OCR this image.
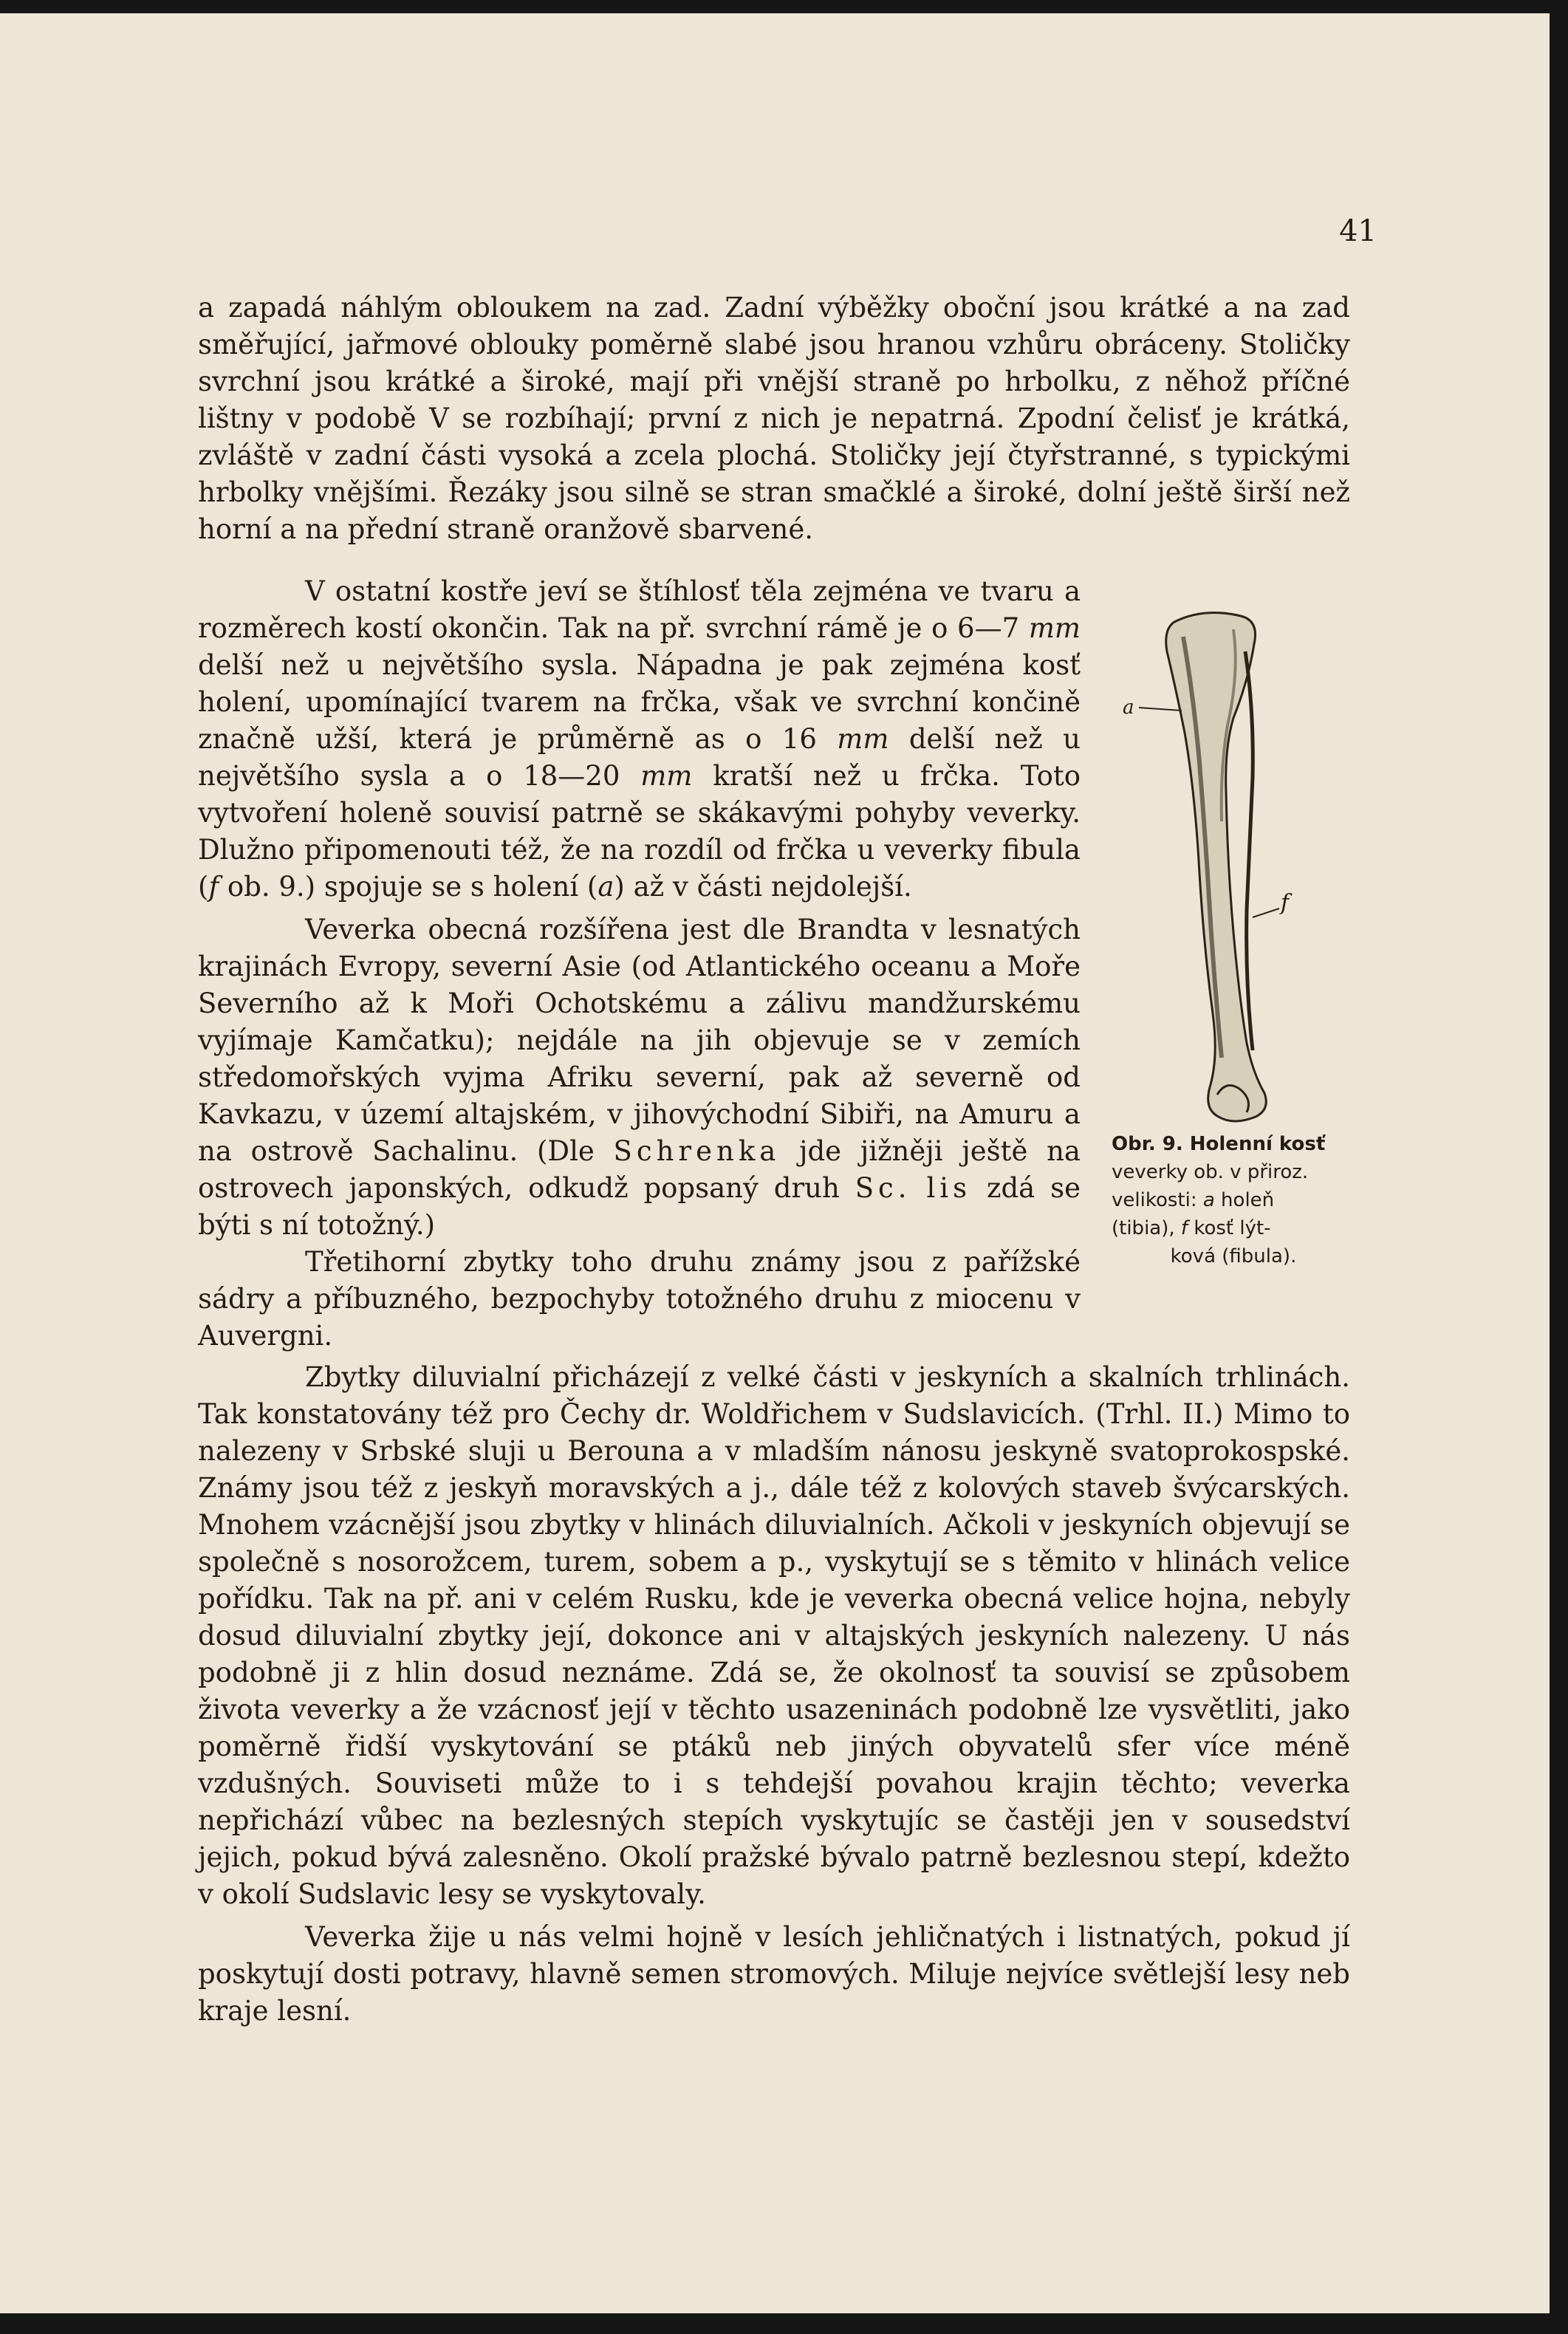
41

a zapadá náhlým obloukem na zad. Zadní výběžky oboční jsou krátké a na zad

směřující, jařmové oblouky poměrně slabé jsou hranou vzhůru obráceny. Stoličky

svrchní jsou krátké a široké, mají při vnější straně po hrbolku, z něhož příčné

lištny v podobě V se rozbíhají; první z nich je nepatrná. Zpodní čelisť je krátká,

zvláště v zadní části vysoká a zcela plochá. Stoličky její čtyřstranné, s typickými

hrbolky vnějšími. Řezáky jsou silně se stran smačklé a široké, dolní ještě širší než

horní a na přední straně oranžově sbarvené.

V ostatní kostře jeví se štíhlosť těla zejména ve tvaru a rozměrech kostí okončin. Tak na př. svrchní rámě je o 6—7 mm delší než u největšího sysla. Nápadna je pak zejména kosť holení, upomínající tvarem na frčka, však ve svrchní končině značně užší, která je průměrně as o 16 mm delší než u největšího sysla a o 18—20 mm kratší než u frčka. Toto vytvoření holeně souvisí patrně se skákavými pohyby veverky. Dlužno připomenouti též, že na rozdíl od frčka u veverky fibula (f ob. 9.) spojuje se s holení (a) až v části nejdolejší.

Veverka obecná rozšířena jest dle Brandta v lesnatých krajinách Evropy, severní Asie (od Atlantického oceanu a Moře Severního až k Moři Ochotskému a zálivu mandžurskému vyjímaje Kamčatku); nejdále na jih objevuje se v zemích středomořských vyjma Afriku severní, pak až severně od Kavkazu, v území altajském, v jihovýchodní Sibiři, na Amuru a na ostrově Sachalinu. (Dle Schrenka jde jižněji ještě na ostrovech japonských, odkudž popsaný druh Sc. lis zdá se býti s ní totožný.)

Třetihorní zbytky toho druhu známy jsou z pařížské sádry a příbuzného, bezpochyby totožného druhu z miocenu v Auvergni.

a
f
Obr. 9. Holenní kosť
veverky ob. v přiroz.
velikosti: a holeň
(tibia), f kosť lýt-

ková (fibula).

Zbytky diluvialní přicházejí z velké části v jeskyních a skalních trhlinách. Tak konstatovány též pro Čechy dr. Woldřichem v Sudslavicích. (Trhl. II.) Mimo to nalezeny v Srbské sluji u Berouna a v mladším nánosu jeskyně svatoprokospské. Známy jsou též z jeskyň moravských a j., dále též z kolových staveb švýcarských. Mnohem vzácnější jsou zbytky v hlinách diluvialních. Ačkoli v jeskyních objevují se společně s nosorožcem, turem, sobem a p., vyskytují se s těmito v hlinách velice pořídku. Tak na př. ani v celém Rusku, kde je veverka obecná velice hojna, nebyly dosud diluvialní zbytky její, dokonce ani v altajských jeskyních nalezeny. U nás podobně ji z hlin dosud neznáme. Zdá se, že okolnosť ta souvisí se způsobem života veverky a že vzácnosť její v těchto usazeninách podobně lze vysvětliti, jako poměrně řidší vyskytování se ptáků neb jiných obyvatelů sfer více méně vzdušných. Souviseti může to i s tehdejší povahou krajin těchto; veverka nepřichází vůbec na bezlesných stepích vyskytujíc se častěji jen v sousedství jejich, pokud bývá zalesněno. Okolí pražské bývalo patrně bezlesnou stepí, kdežto v okolí Sudslavic lesy se vyskytovaly.

Veverka žije u nás velmi hojně v lesích jehličnatých i listnatých, pokud jí poskytují dosti potravy, hlavně semen stromových. Miluje nejvíce světlejší lesy neb kraje lesní.
